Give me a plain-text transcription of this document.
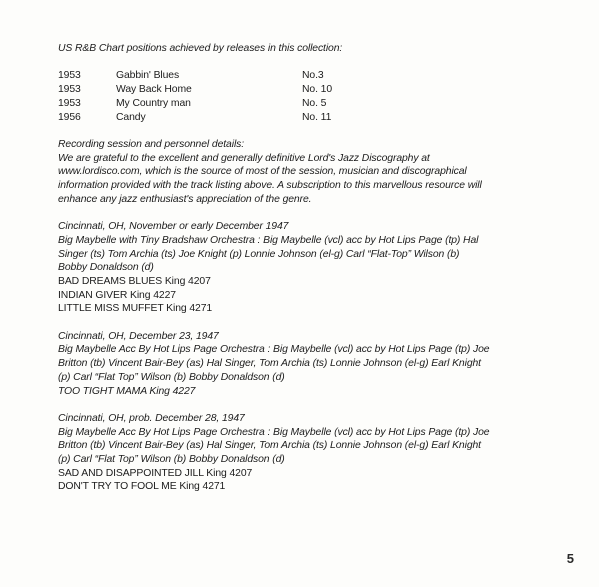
US R&B Chart positions achieved by releases in this collection:

1953	Gabbin' Blues	No.3
1953	Way Back Home	No. 10
1953	My Country man	No. 5
1956	Candy	No. 11

Recording session and personnel details:

We are grateful to the excellent and generally definitive Lord's Jazz Discography at
www.lordisco.com, which is the source of most of the session, musician and discographical
information provided with the track listing above. A subscription to this marvellous resource will
enhance any jazz enthusiast's appreciation of the genre.
Cincinnati, OH, November or early December 1947
Big Maybelle with Tiny Bradshaw Orchestra : Big Maybelle (vcl) acc by Hot Lips Page (tp) Hal
Singer (ts) Tom Archia (ts) Joe Knight (p) Lonnie Johnson (el-g) Carl “Flat-Top” Wilson (b)
Bobby Donaldson (d)
BAD DREAMS BLUES King 4207
INDIAN GIVER King 4227
LITTLE MISS MUFFET King 4271
Cincinnati, OH, December 23, 1947
Big Maybelle Acc By Hot Lips Page Orchestra : Big Maybelle (vcl) acc by Hot Lips Page (tp) Joe
Britton (tb) Vincent Bair-Bey (as) Hal Singer, Tom Archia (ts) Lonnie Johnson (el-g) Earl Knight
(p) Carl “Flat Top” Wilson (b) Bobby Donaldson (d)
TOO TIGHT MAMA King 4227
Cincinnati, OH, prob. December 28, 1947
Big Maybelle Acc By Hot Lips Page Orchestra : Big Maybelle (vcl) acc by Hot Lips Page (tp) Joe
Britton (tb) Vincent Bair-Bey (as) Hal Singer, Tom Archia (ts) Lonnie Johnson (el-g) Earl Knight
(p) Carl “Flat Top” Wilson (b) Bobby Donaldson (d)
SAD AND DISAPPOINTED JILL King 4207
DON'T TRY TO FOOL ME King 4271
5
